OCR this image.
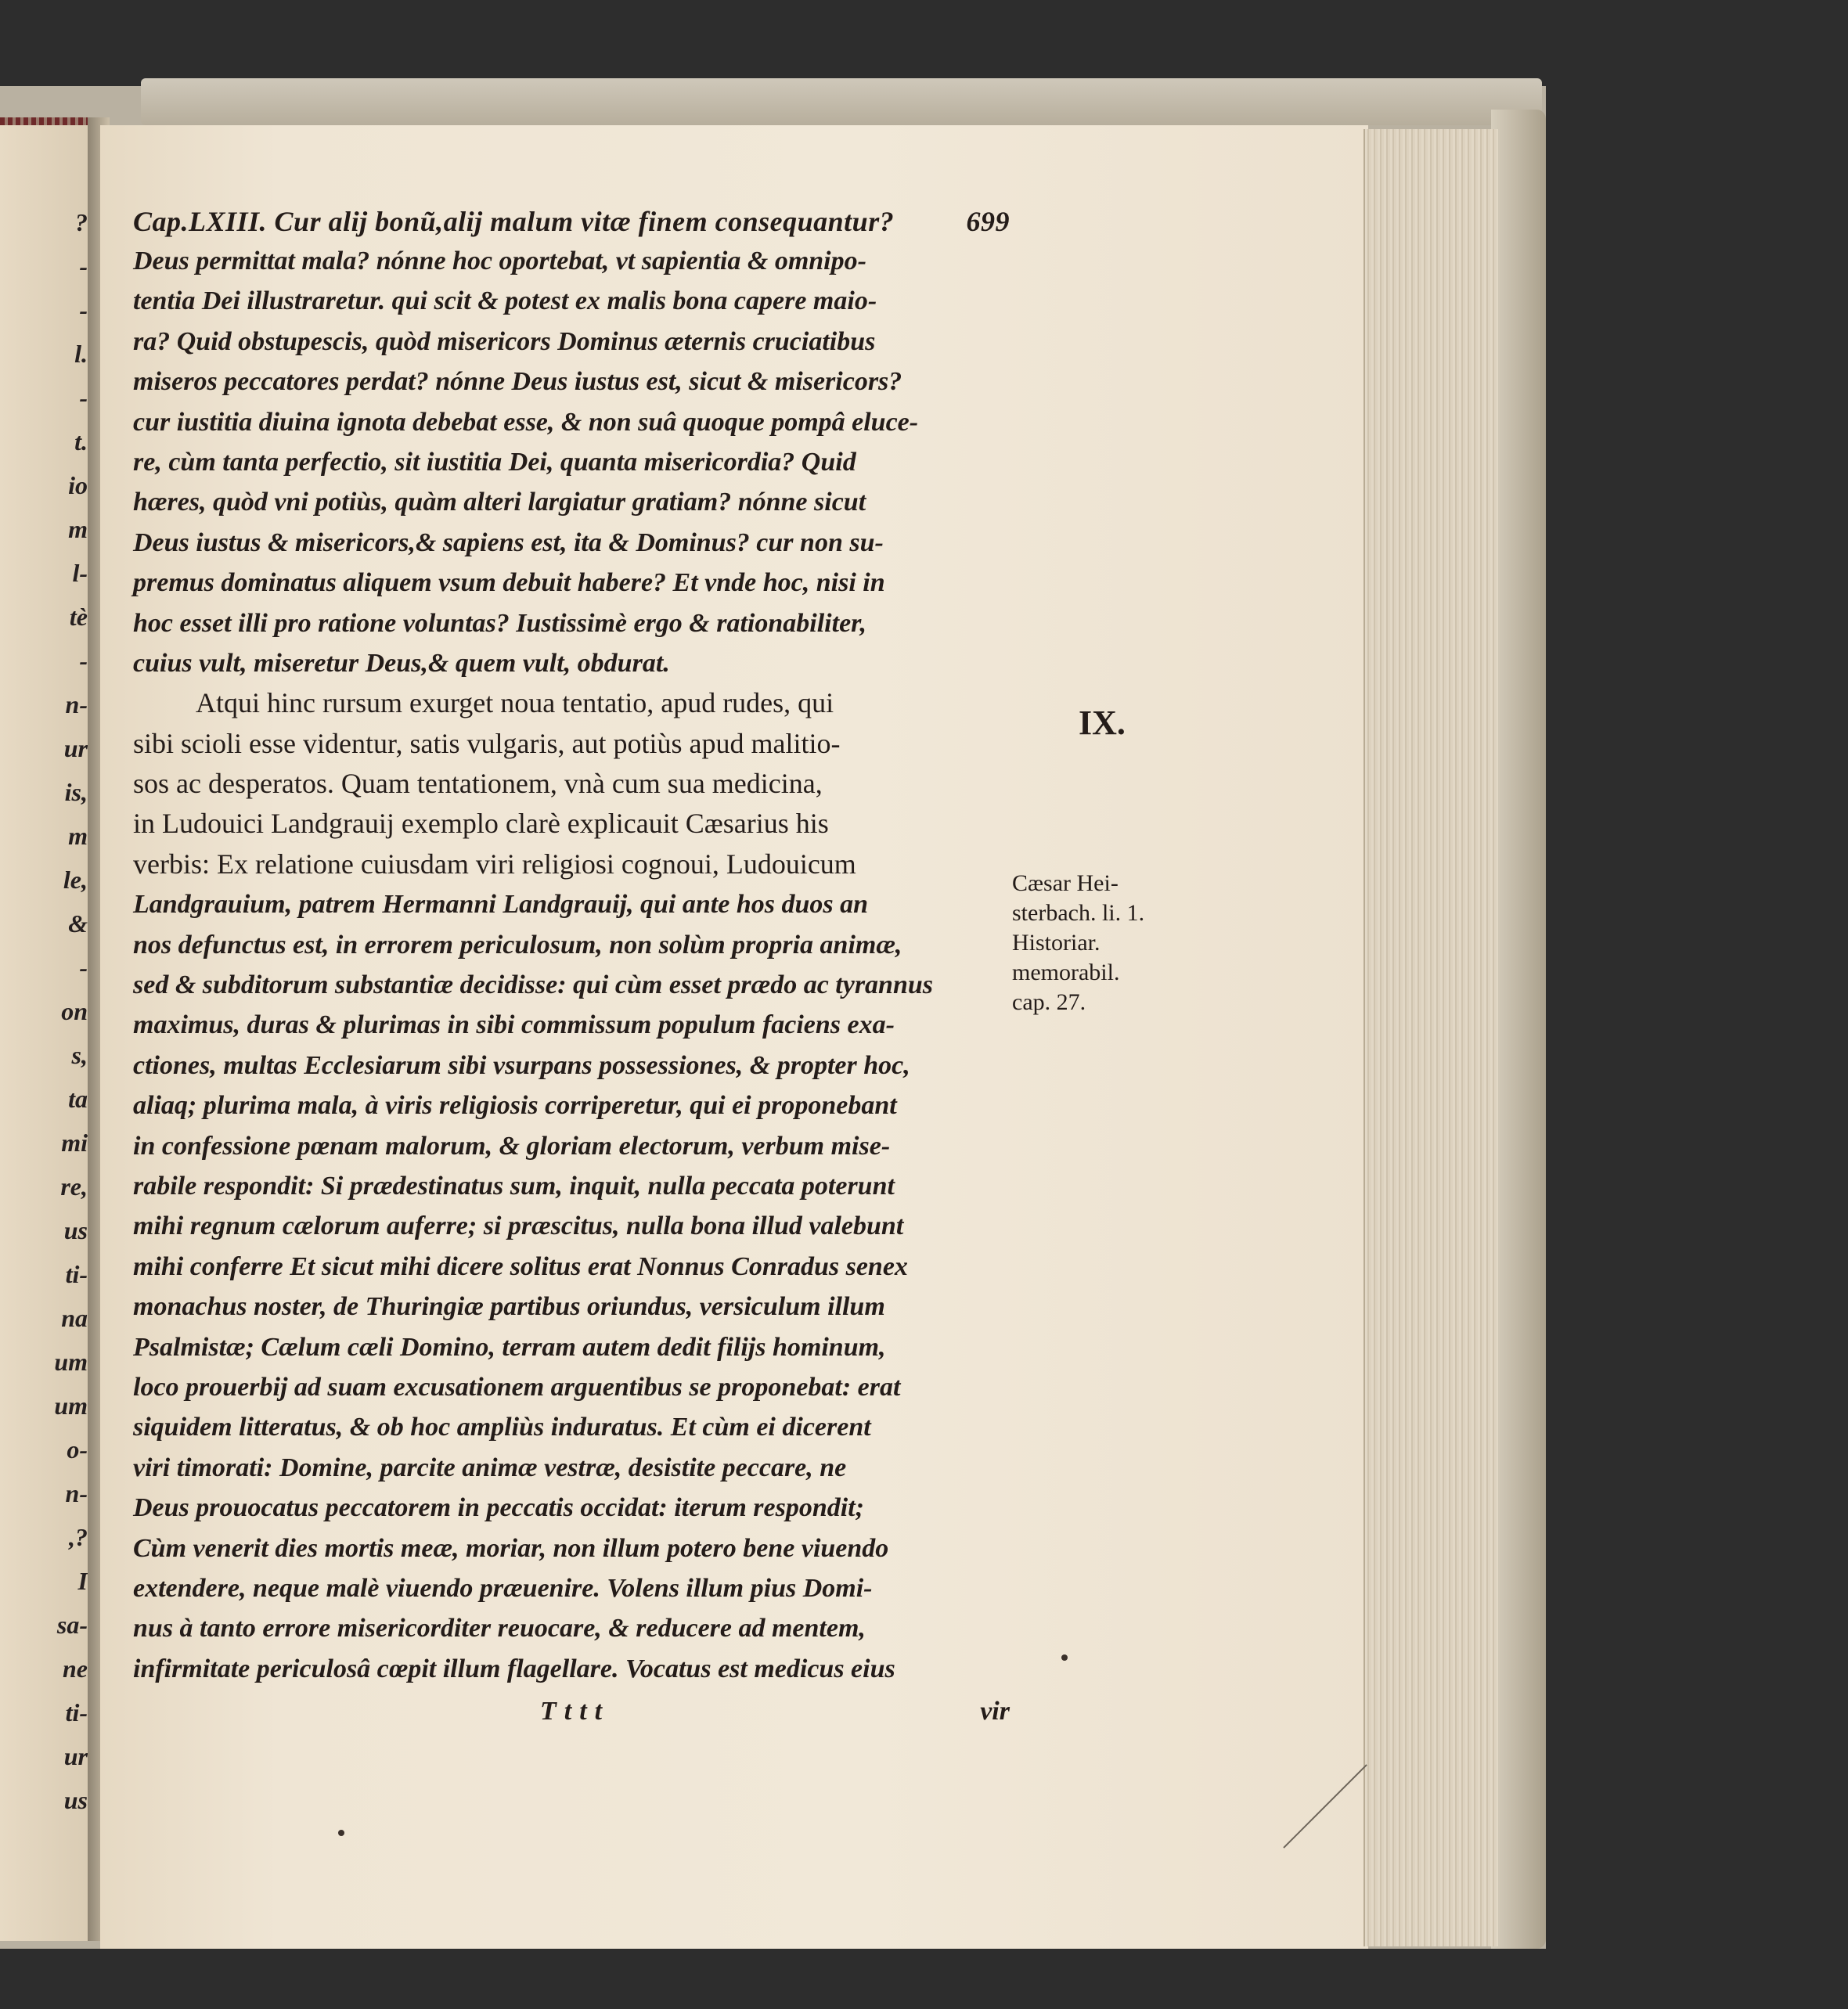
?
-
-
l.
-
t.
io
m
l-
tè
-
n-
ur
is,
m
le,
&
-
on
s,
ta
mi
re,
us
ti-
na
um
um
o-
n-
,?
I
sa-
ne
ti-
ur
us
Cap.LXIII. Cur alij bonũ,alij malum vitæ finem consequantur?	699
Deus permittat mala? nónne hoc oportebat, vt sapientia & omnipo-
tentia Dei illustraretur. qui scit & potest ex malis bona capere maio-
ra? Quid obstupescis, quòd misericors Dominus æternis cruciatibus
miseros peccatores perdat? nónne Deus iustus est, sicut & misericors?
cur iustitia diuina ignota debebat esse, & non suâ quoque pompâ eluce-
re, cùm tanta perfectio, sit iustitia Dei, quanta misericordia? Quid
hæres, quòd vni potiùs, quàm alteri largiatur gratiam? nónne sicut
Deus iustus & misericors,& sapiens est, ita & Dominus? cur non su-
premus dominatus aliquem vsum debuit habere? Et vnde hoc, nisi in
hoc esset illi pro ratione voluntas? Iustissimè ergo & rationabiliter,
cuius vult, miseretur Deus,& quem vult, obdurat.
Atqui hinc rursum exurget noua tentatio, apud rudes, qui
sibi scioli esse videntur, satis vulgaris, aut potiùs apud malitio-
sos ac desperatos. Quam tentationem, vnà cum sua medicina,
in Ludouici Landgrauij exemplo clarè explicauit Cæsarius his
verbis: Ex relatione cuiusdam viri religiosi cognoui, Ludouicum
Landgrauium, patrem Hermanni Landgrauij, qui ante hos duos an
nos defunctus est, in errorem periculosum, non solùm propria animæ,
sed & subditorum substantiæ decidisse: qui cùm esset prædo ac tyrannus
maximus, duras & plurimas in sibi commissum populum faciens exa-
ctiones, multas Ecclesiarum sibi vsurpans possessiones, & propter hoc,
aliaq; plurima mala, à viris religiosis corriperetur, qui ei proponebant
in confessione pœnam malorum, & gloriam electorum, verbum mise-
rabile respondit: Si prædestinatus sum, inquit, nulla peccata poterunt
mihi regnum cælorum auferre; si præscitus, nulla bona illud valebunt
mihi conferre Et sicut mihi dicere solitus erat Nonnus Conradus senex
monachus noster, de Thuringiæ partibus oriundus, versiculum illum
Psalmistæ; Cælum cæli Domino, terram autem dedit filijs hominum,
loco prouerbij ad suam excusationem arguentibus se proponebat: erat
siquidem litteratus, & ob hoc ampliùs induratus. Et cùm ei dicerent
viri timorati: Domine, parcite animæ vestræ, desistite peccare, ne
Deus prouocatus peccatorem in peccatis occidat: iterum respondit;
Cùm venerit dies mortis meæ, moriar, non illum potero bene viuendo
extendere, neque malè viuendo præuenire. Volens illum pius Domi-
nus à tanto errore misericorditer reuocare, & reducere ad mentem,
infirmitate periculosâ cœpit illum flagellare. Vocatus est medicus eius
Tttt	vir
IX.
Cæsar Hei-
sterbach. li. 1.
Historiar.
memorabil.
cap. 27.
